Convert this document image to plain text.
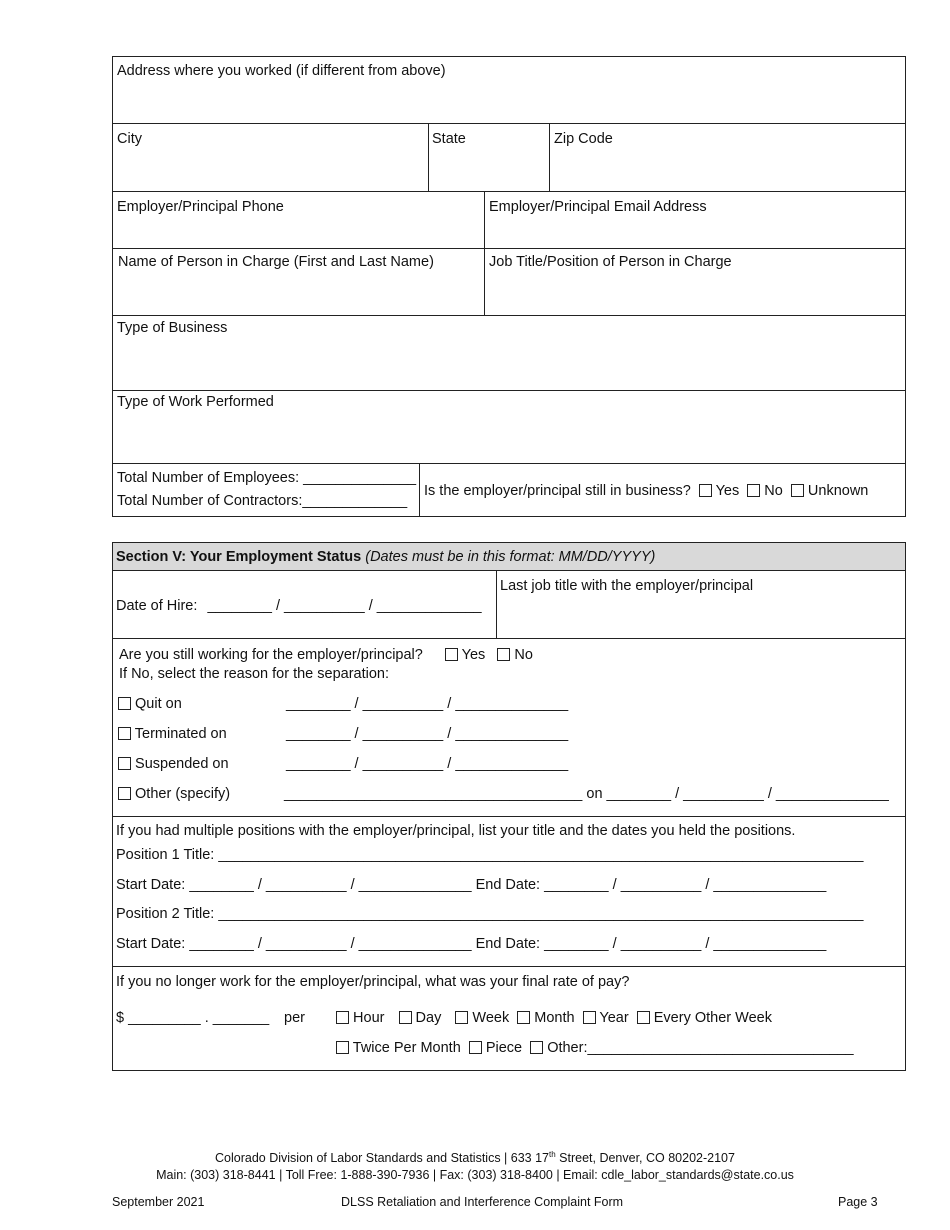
Address where you worked (if different from above)
City	State	Zip Code
Employer/Principal Phone	Employer/Principal Email Address
Name of Person in Charge (First and Last Name)	Job Title/Position of Person in Charge
Type of Business
Type of Work Performed
Total Number of Employees: ______________
Total Number of Contractors:_____________
Is the employer/principal still in business? Yes No Unknown
Section V: Your Employment Status (Dates must be in this format: MM/DD/YYYY)
Date of Hire: ________ / __________ / _____________
Last job title with the employer/principal
Are you still working for the employer/principal?	Yes No
If No, select the reason for the separation:
Quit on	________ / __________ / ______________
Terminated on	________ / __________ / ______________
Suspended on	________ / __________ / ______________
Other (specify)	_____________________________________ on ________ / __________ / ______________
If you had multiple positions with the employer/principal, list your title and the dates you held the positions.
Position 1 Title: ________________________________________________________________________________
Start Date: ________ / __________ / ______________ End Date: ________ / __________ / ______________
Position 2 Title: ________________________________________________________________________________
Start Date: ________ / __________ / ______________ End Date: ________ / __________ / ______________
If you no longer work for the employer/principal, what was your final rate of pay?
$ _________ . _______ per	Hour Day Week Month Year Every Other Week
Twice Per Month Piece Other:_________________________________
Colorado Division of Labor Standards and Statistics | 633 17th Street, Denver, CO 80202-2107
Main: (303) 318-8441 | Toll Free: 1-888-390-7936 | Fax: (303) 318-8400 | Email: cdle_labor_standards@state.co.us
September 2021	DLSS Retaliation and Interference Complaint Form	Page 3
